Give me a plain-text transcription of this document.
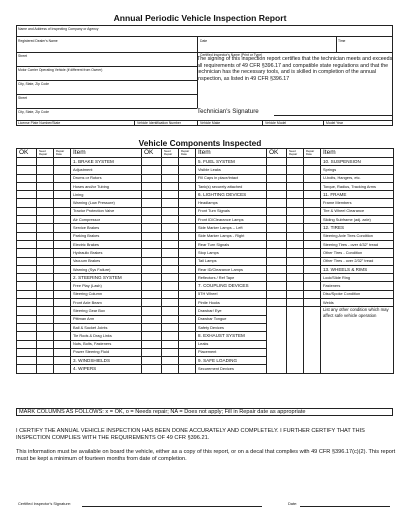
Annual Periodic Vehicle Inspection Report
Name and Address of Inspecting Company or Agency
Registered Dealer's Name	Date	Time
Street	Certified Inspector's Name (Print or Type)
Motor Carrier Operating Vehicle (if different from Owner)
City, State, Zip Code
Street
City, State, Zip Code
License Plate Number/State	Vehicle Identification Number	Vehicle Make	Vehicle Model	Model Year
The signing of this inspection report certifies that the technician meets and exceeds all requirements of 49 CFR §396.17 and compatible state regulations and that the technician has the necessary tools, and is skilled in completion of the annual inspection, as listed in 49 CFR §396.17
Technician's Signature
Vehicle Components Inspected
OK	Need Repair	Repair Date	Item	OK	Need Repair	Repair Date	Item	OK	Need Repair	Repair Date	Item
			1. BRAKE SYSTEM				5. FUEL SYSTEM				10. SUSPENSION
			Adjustment				Visible Leaks				Springs
			Drums or Rotors				Fill Caps in place/intact				U-bolts, Hangers, etc.
			Hoses and/or Tubing				Tank(s) securely attached				Torque, Radius, Tracking Arms
			Lining				6. LIGHTING DEVICES				11. FRAME
			Warning (Low Pressure)				Headlamps				Frame Members
			Tractor Protection Valve				Front Turn Signals				Tire & Wheel Clearance
			Air Compressor				Front ID/Clearance Lamps				Sliding Subframe (adj. axle)
			Service Brakes				Side Marker Lamps – Left				12. TIRES
			Parking Brakes				Side Marker Lamps - Right				Steering Axle Tires Condition
			Electric Brakes				Rear Turn Signals				Steering Tires - over 4/32" tread
			Hydraulic Brakes				Stop Lamps				Other Tires - Condition
			Vacuum Brakes				Tail Lamps				Other Tires - over 2/32" tread
			Warning (Sys Failure)				Rear ID/Clearance Lamps				13. WHEELS & RIMS
			2. STEERING SYSTEM				Reflectors / Ref Tape				Lock/Slide Ring
			Free Play (Lash)				7. COUPLING DEVICES				Fasteners
			Steering Column				5TH Wheel				Disc/Spoke Condition
			Front Axle Beam				Pintle Hooks				Welds
			Steering Gear Box				Drawbar/ Eye				List any other condition which may affect safe vehicle operation
			Pittman Arm				Drawbar Tongue				
			Ball & Socket Joints				Safety Devices				
			Tie Rods & Drag Links				8. EXHAUST SYSTEM				
			Nuts, Bolts, Fasteners				Leaks				
			Power Steering Fluid				Placement				
			3. WINDSHIELDS				9. SAFE LOADING				
			4. WIPERS				Securement Devices				
MARK COLUMNS AS FOLLOWS: x = OK, o = Needs repair; NA = Does not apply; Fill in Repair date as appropriate
I CERTIFY THE ANNUAL VEHICLE INSPECTION HAS BEEN DONE ACCURATELY AND COMPLETELY. I FURTHER CERTIFY THAT THIS INSPECTION COMPLIES WITH THE REQUIREMENTS OF 49 CFR §396.21.
This information must be available on board the vehicle, either as a copy of this report, or on a decal that complies with 49 CFR §396.17(c)(2). This report must be kept a minimum of fourteen months from date of completion.
Certified Inspector's Signature:	Date:
